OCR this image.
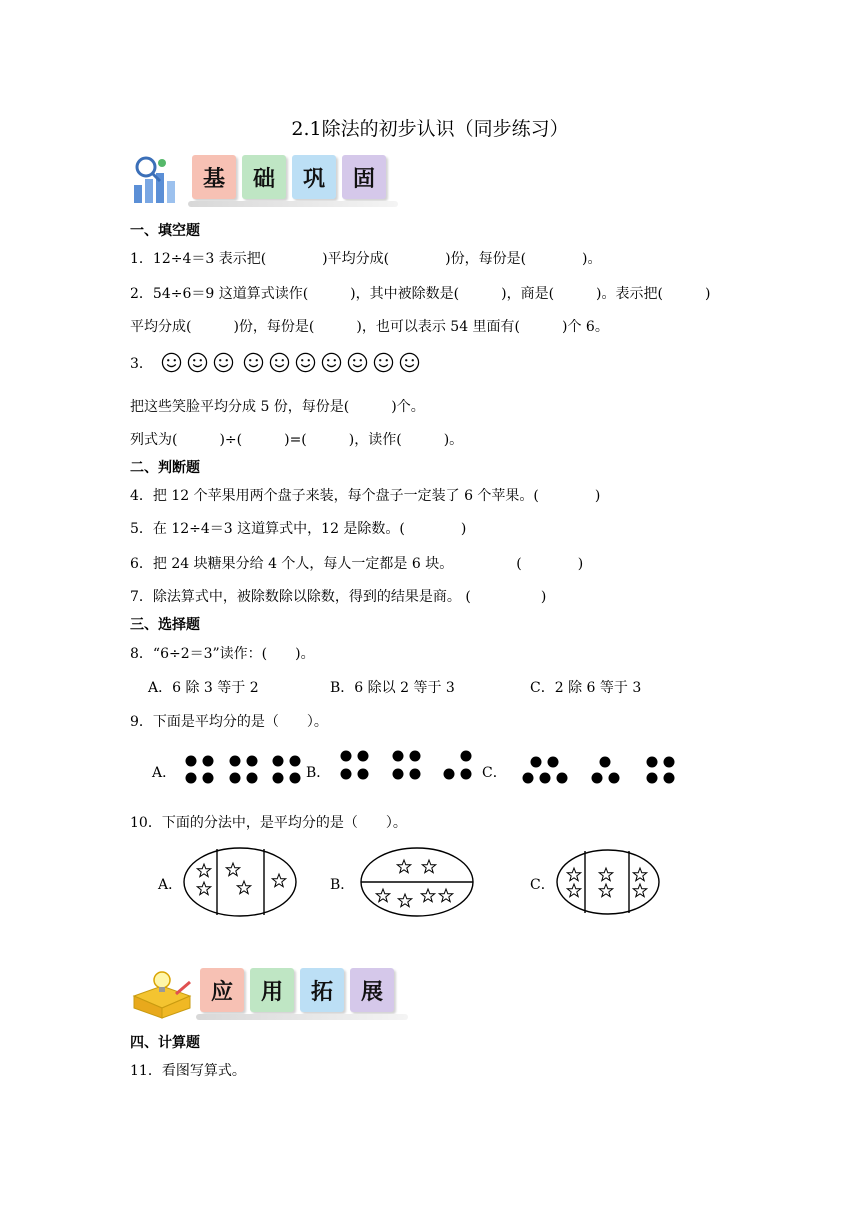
2.1除法的初步认识（同步练习）
基	础	巩	固
一、填空题
1．12÷4＝3 表示把(　　　　)平均分成(　　　　)份，每份是(　　　　)。
2．54÷6＝9 这道算式读作(　　　)，其中被除数是(　　　)，商是(　　　)。表示把(　　　)
平均分成(　　　)份，每份是(　　　)，也可以表示 54 里面有(　　　)个 6。
3．
把这些笑脸平均分成 5 份，每份是(　　　)个。
列式为(　　　)÷(　　　)=(　　　)，读作(　　　)。
二、判断题
4．把 12 个苹果用两个盘子来装，每个盘子一定装了 6 个苹果。(　　　　)
5．在 12÷4＝3 这道算式中，12 是除数。(　　　　)
6．把 24 块糖果分给 4 个人，每人一定都是 6 块。　　　　　(　　　　)
7．除法算式中，被除数除以除数，得到的结果是商。 (　　　　　)
三、选择题
8．“6÷2＝3”读作：(　　)。
A．6 除 3 等于 2	B．6 除以 2 等于 3	C．2 除 6 等于 3
9．下面是平均分的是（　　）。
A．	B．	C．
10．下面的分法中，是平均分的是（　　）。
A．	B．	C．
应	用	拓	展
四、计算题
11．看图写算式。
